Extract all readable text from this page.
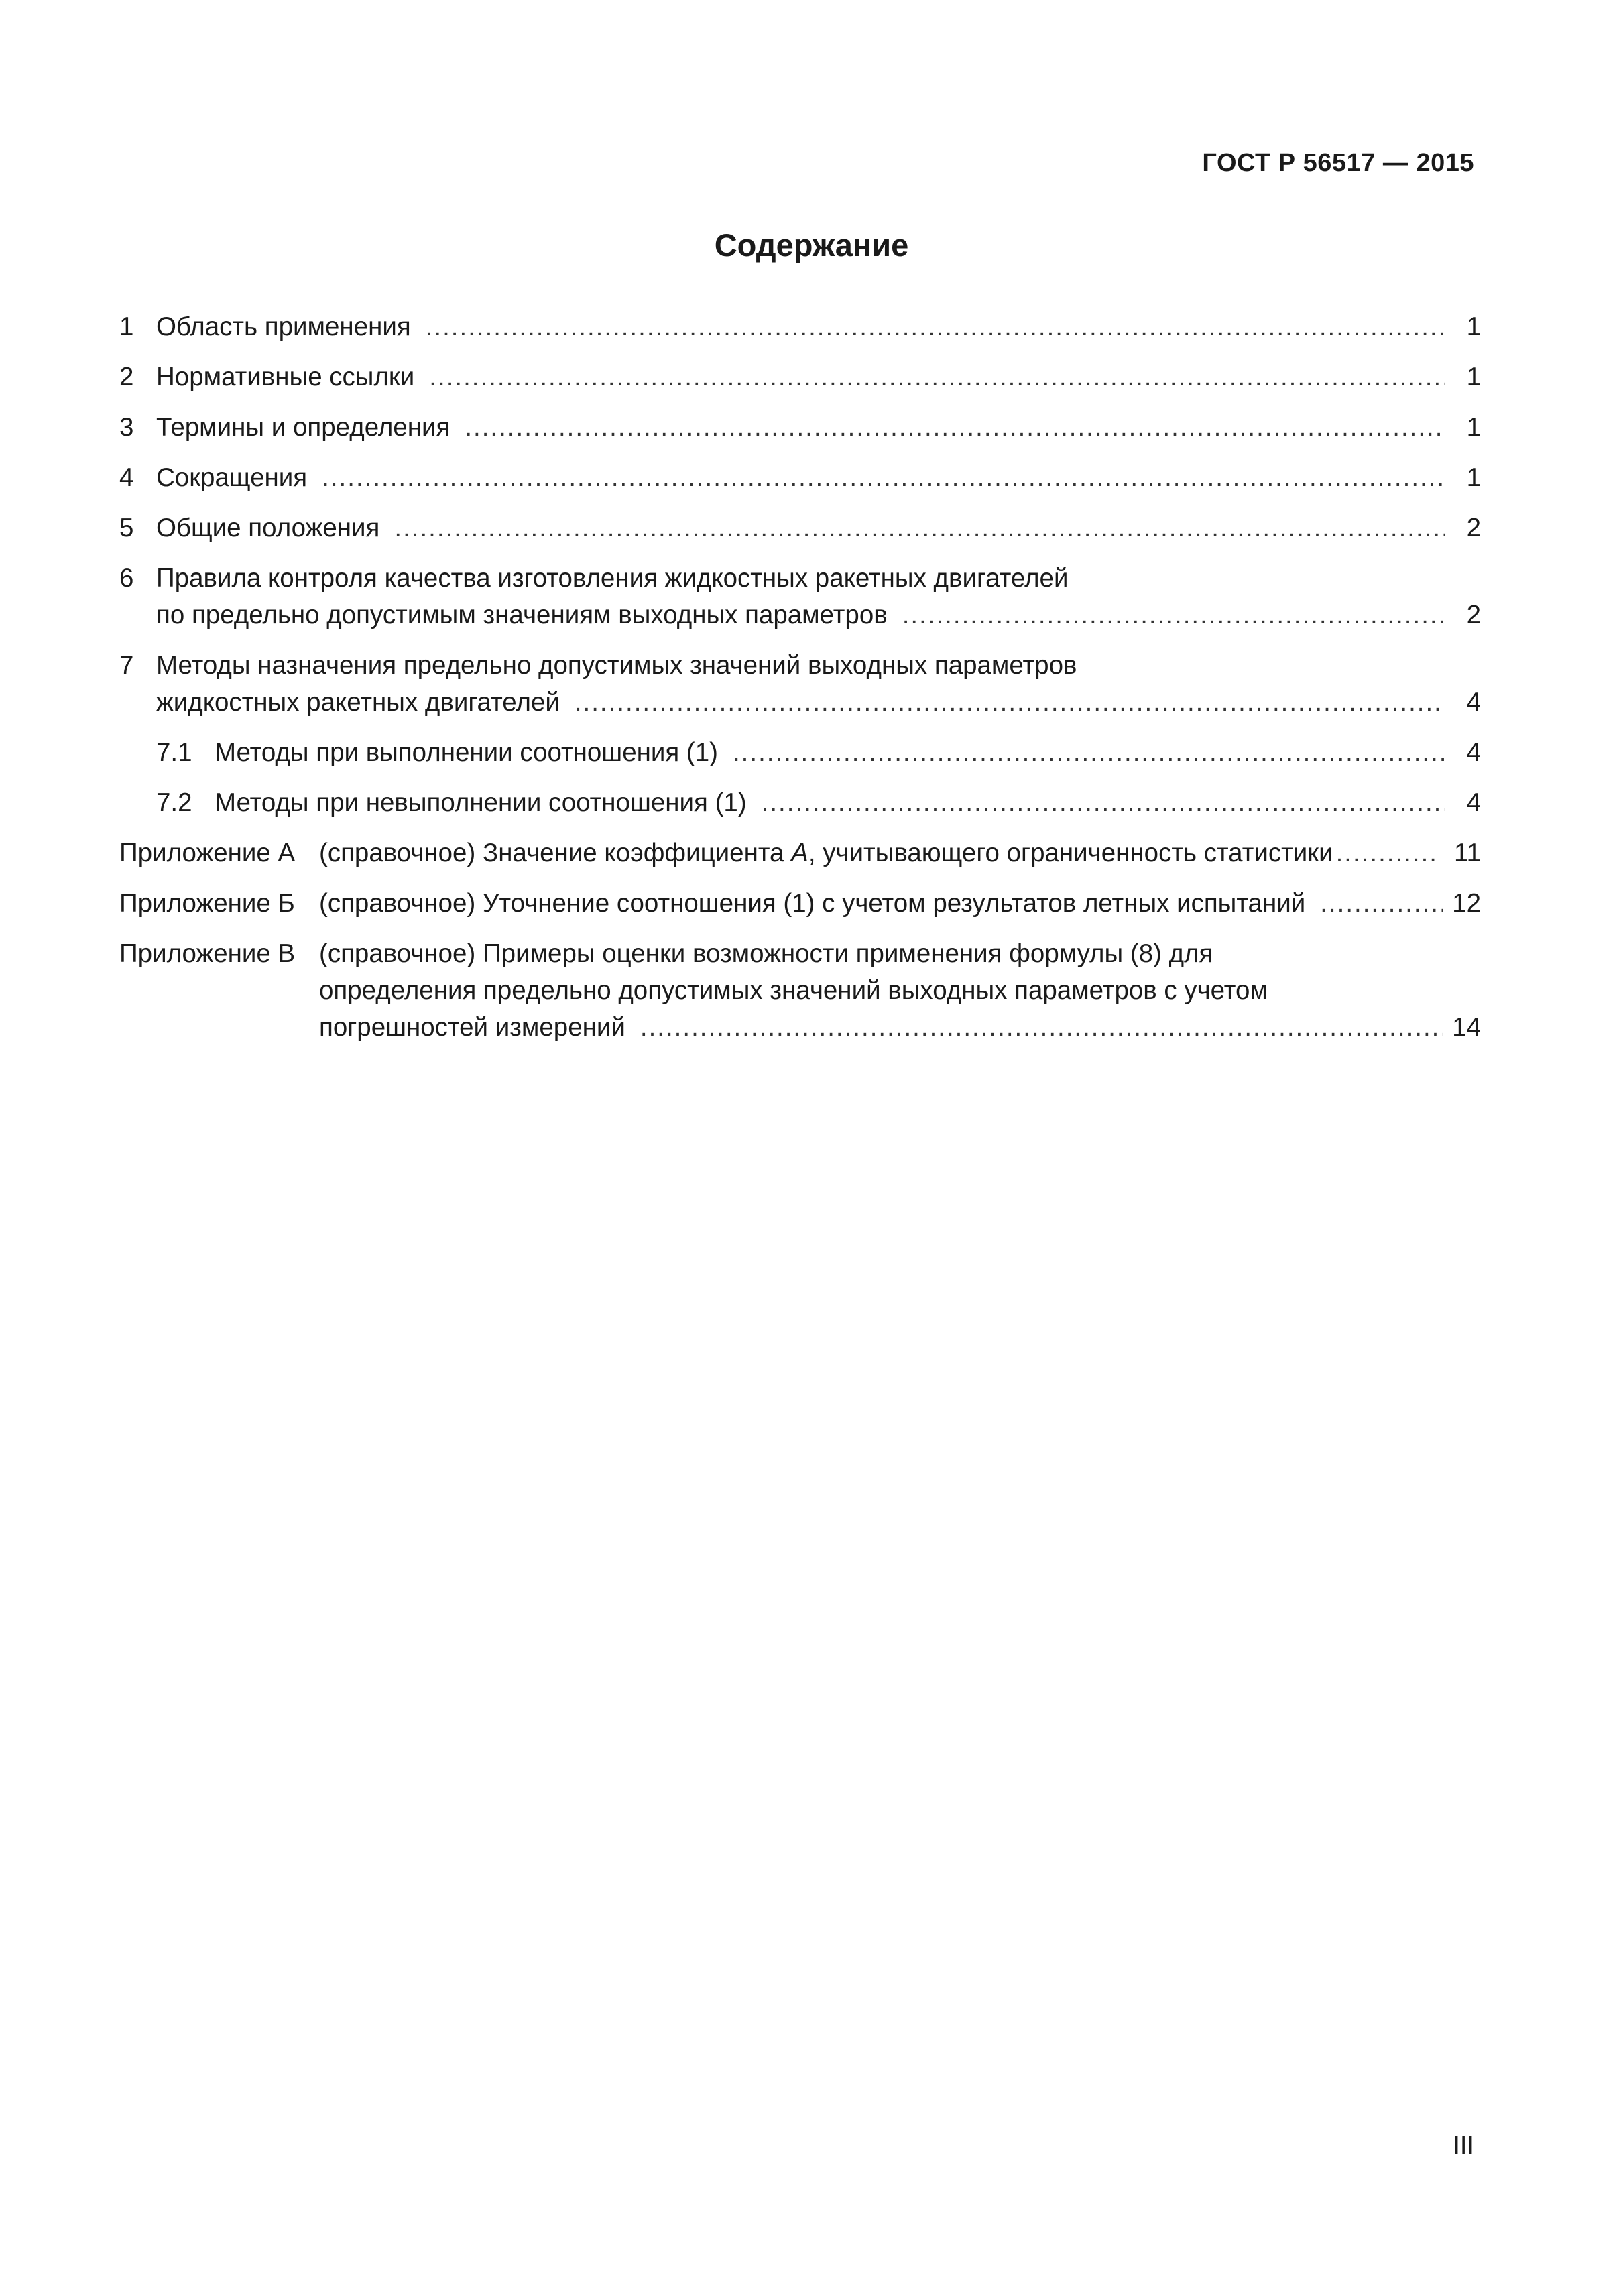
ГОСТ Р 56517 — 2015
Содержание
1 Область применения .....	1
2 Нормативные ссылки .....	1
3 Термины и определения .....	1
4 Сокращения .....	1
5 Общие положения .....	2
6 Правила контроля качества изготовления жидкостных ракетных двигателей
по предельно допустимым значениям выходных параметров .....	2
7 Методы назначения предельно допустимых значений выходных параметров
жидкостных ракетных двигателей .....	4
7.1 Методы при выполнении соотношения (1) .....	4
7.2 Методы при невыполнении соотношения (1) .....	4
Приложение А (справочное) Значение коэффициента А, учитывающего ограниченность статистики .....	11
Приложение Б (справочное) Уточнение соотношения (1) с учетом результатов летных испытаний .....	12
Приложение В (справочное) Примеры оценки возможности применения формулы (8) для
определения предельно допустимых значений выходных параметров с учетом
погрешностей измерений .....	14
III
